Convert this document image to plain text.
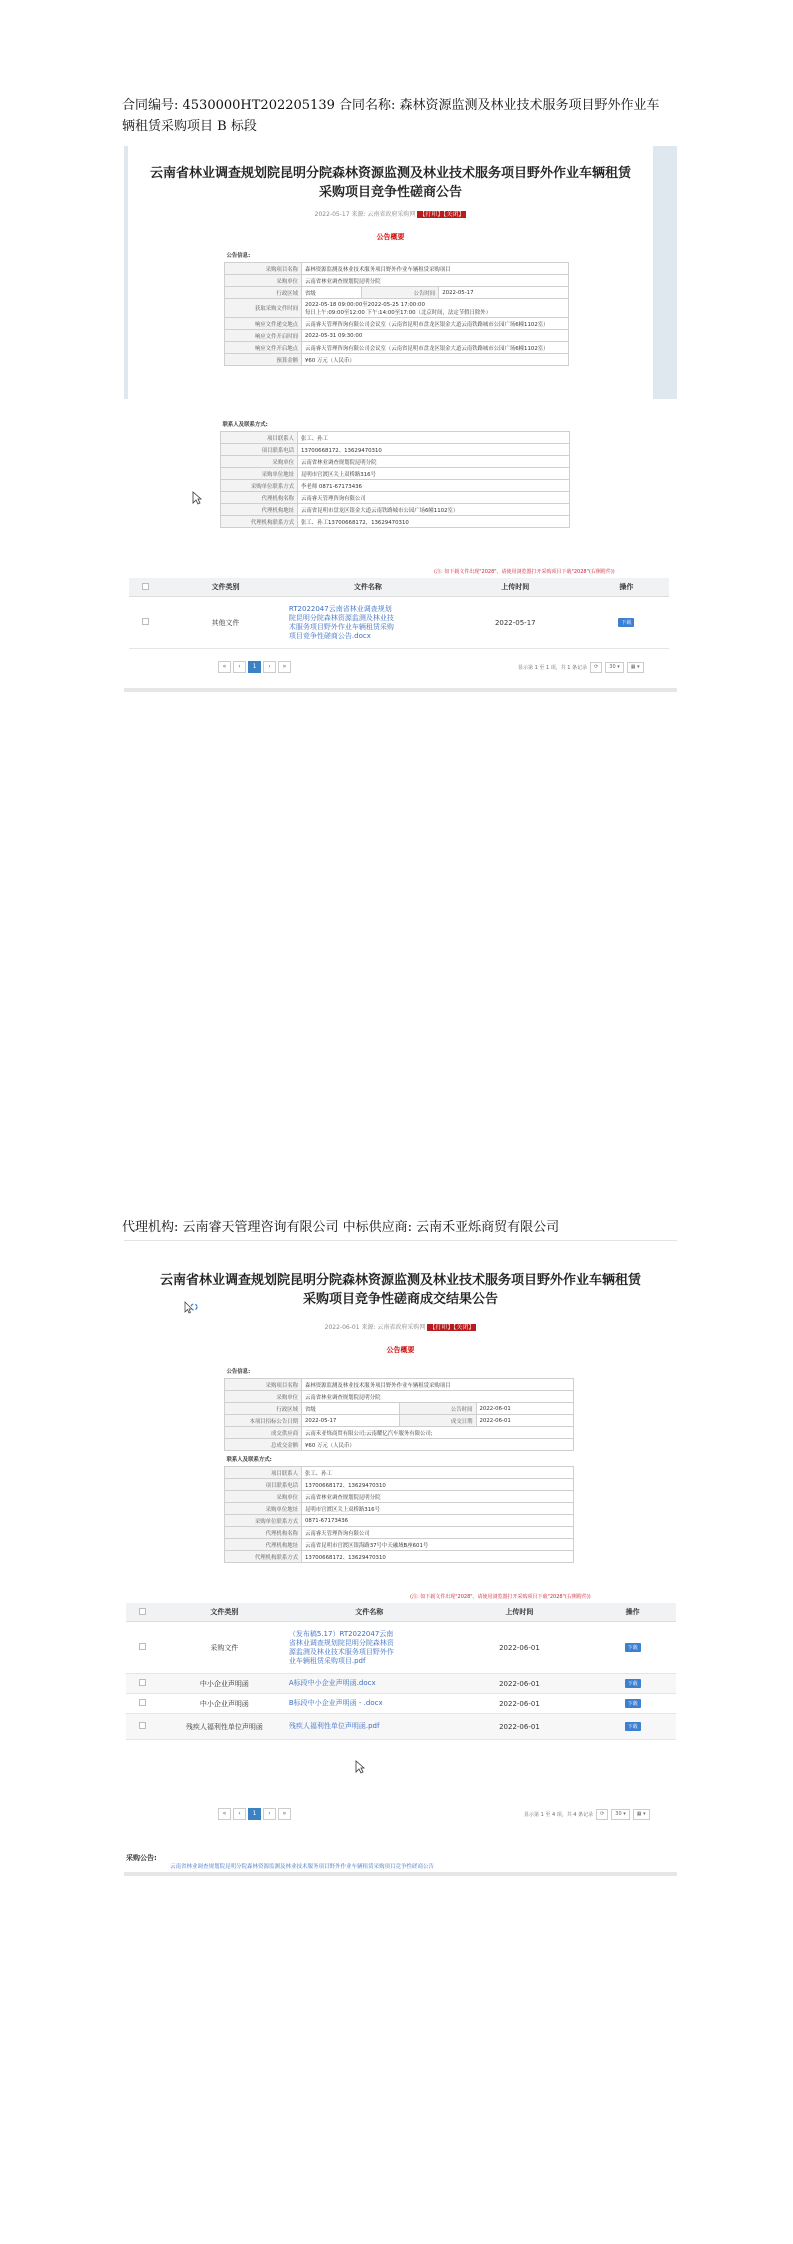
合同编号: 4530000HT202205139 合同名称: 森林资源监测及林业技术服务项目野外作业车
辆租赁采购项目 B 标段
云南省林业调查规划院昆明分院森林资源监测及林业技术服务项目野外作业车辆租赁
采购项目竞争性磋商公告
2022-05-17 来源: 云南省政府采购网 【打印】【关闭】
公告概要
公告信息:			
采购项目名称	森林资源监测及林业技术服务项目野外作业车辆租赁采购项目		
采购单位	云南省林业调查规划院昆明分院		
行政区域	省级	公告时间	2022-05-17
获取采购文件时间	2022-05-18 09:00:00至2022-05-25 17:00:00
每日上午:09:00至12:00 下午:14:00至17:00（北京时间，法定节假日除外）		
响应文件递交地点	云南睿天管理咨询有限公司会议室（云南省昆明市盘龙区银金大道云南铁路城市公园广场6幢1102室）		
响应文件开启时间	2022-05-31 09:30:00		
响应文件开启地点	云南睿天管理咨询有限公司会议室（云南省昆明市盘龙区银金大道云南铁路城市公园广场6幢1102室）		
预算金额	¥60 万元（人民币）		
联系人及联系方式:	
项目联系人	张工、孙工
项目联系电话	13700668172、13629470310
采购单位	云南省林业调查规划院昆明分院
采购单位地址	昆明市官渡区关上双桥路316号
采购单位联系方式	李老师 0871-67173436
代理机构名称	云南睿天管理咨询有限公司
代理机构地址	云南省昆明市盘龙区银金大道云南铁路城市公园广场6幢1102室）
代理机构联系方式	张工、孙工13700668172、13629470310
(注: 如下载文件出现"2028"、请使用浏览器打开采购项目下载"2028"(右侧附件))
	文件类别	文件名称	上传时间	操作
	其他文件	RT2022047云南省林业调查规划院昆明分院森林资源监测及林业技术服务项目野外作业车辆租赁采购项目竞争性磋商公告.docx	2022-05-17	下载
«	‹	1	›	»	显示第 1 至 1 项，共 1 条记录	⟳	30 ▾	▦ ▾
代理机构: 云南睿天管理咨询有限公司 中标供应商: 云南禾亚烁商贸有限公司
云南省林业调查规划院昆明分院森林资源监测及林业技术服务项目野外作业车辆租赁
采购项目竞争性磋商成交结果公告
2022-06-01 来源: 云南省政府采购网 【打印】【关闭】
公告概要
公告信息:			
采购项目名称	森林资源监测及林业技术服务项目野外作业车辆租赁采购项目		
采购单位	云南省林业调查规划院昆明分院		
行政区域	省级	公告时间	2022-06-01
本项目招标公告日期	2022-05-17	成交日期	2022-06-01
成交供应商	云南禾亚烁商贸有限公司;云南耀亿汽车服务有限公司;		
总成交金额	¥60 万元（人民币）		
联系人及联系方式:			
项目联系人	张工、孙工		
项目联系电话	13700668172、13629470310		
采购单位	云南省林业调查规划院昆明分院		
采购单位地址	昆明市官渡区关上双桥路316号		
采购单位联系方式	0871-67173436		
代理机构名称	云南睿天管理咨询有限公司		
代理机构地址	云南省昆明市官渡区银海路37号中天融域B座601号		
代理机构联系方式	13700668172、13629470310		
(注: 如下载文件出现"2028"、请使用浏览器打开采购项目下载"2028"(右侧附件))
	文件类别	文件名称	上传时间	操作
	采购文件	（发布稿5.17）RT2022047云南省林业调查规划院昆明分院森林资源监测及林业技术服务项目野外作业车辆租赁采购项目.pdf	2022-06-01	下载
	中小企业声明函	A标段中小企业声明函.docx	2022-06-01	下载
	中小企业声明函	B标段中小企业声明函 - .docx	2022-06-01	下载
	残疾人福利性单位声明函	残疾人福利性单位声明函.pdf	2022-06-01	下载
«	‹	1	›	»	显示第 1 至 4 项，共 4 条记录	⟳	30 ▾	▦ ▾
采购公告:
云南省林业调查规划院昆明分院森林资源监测及林业技术服务项目野外作业车辆租赁采购项目竞争性磋商公告
